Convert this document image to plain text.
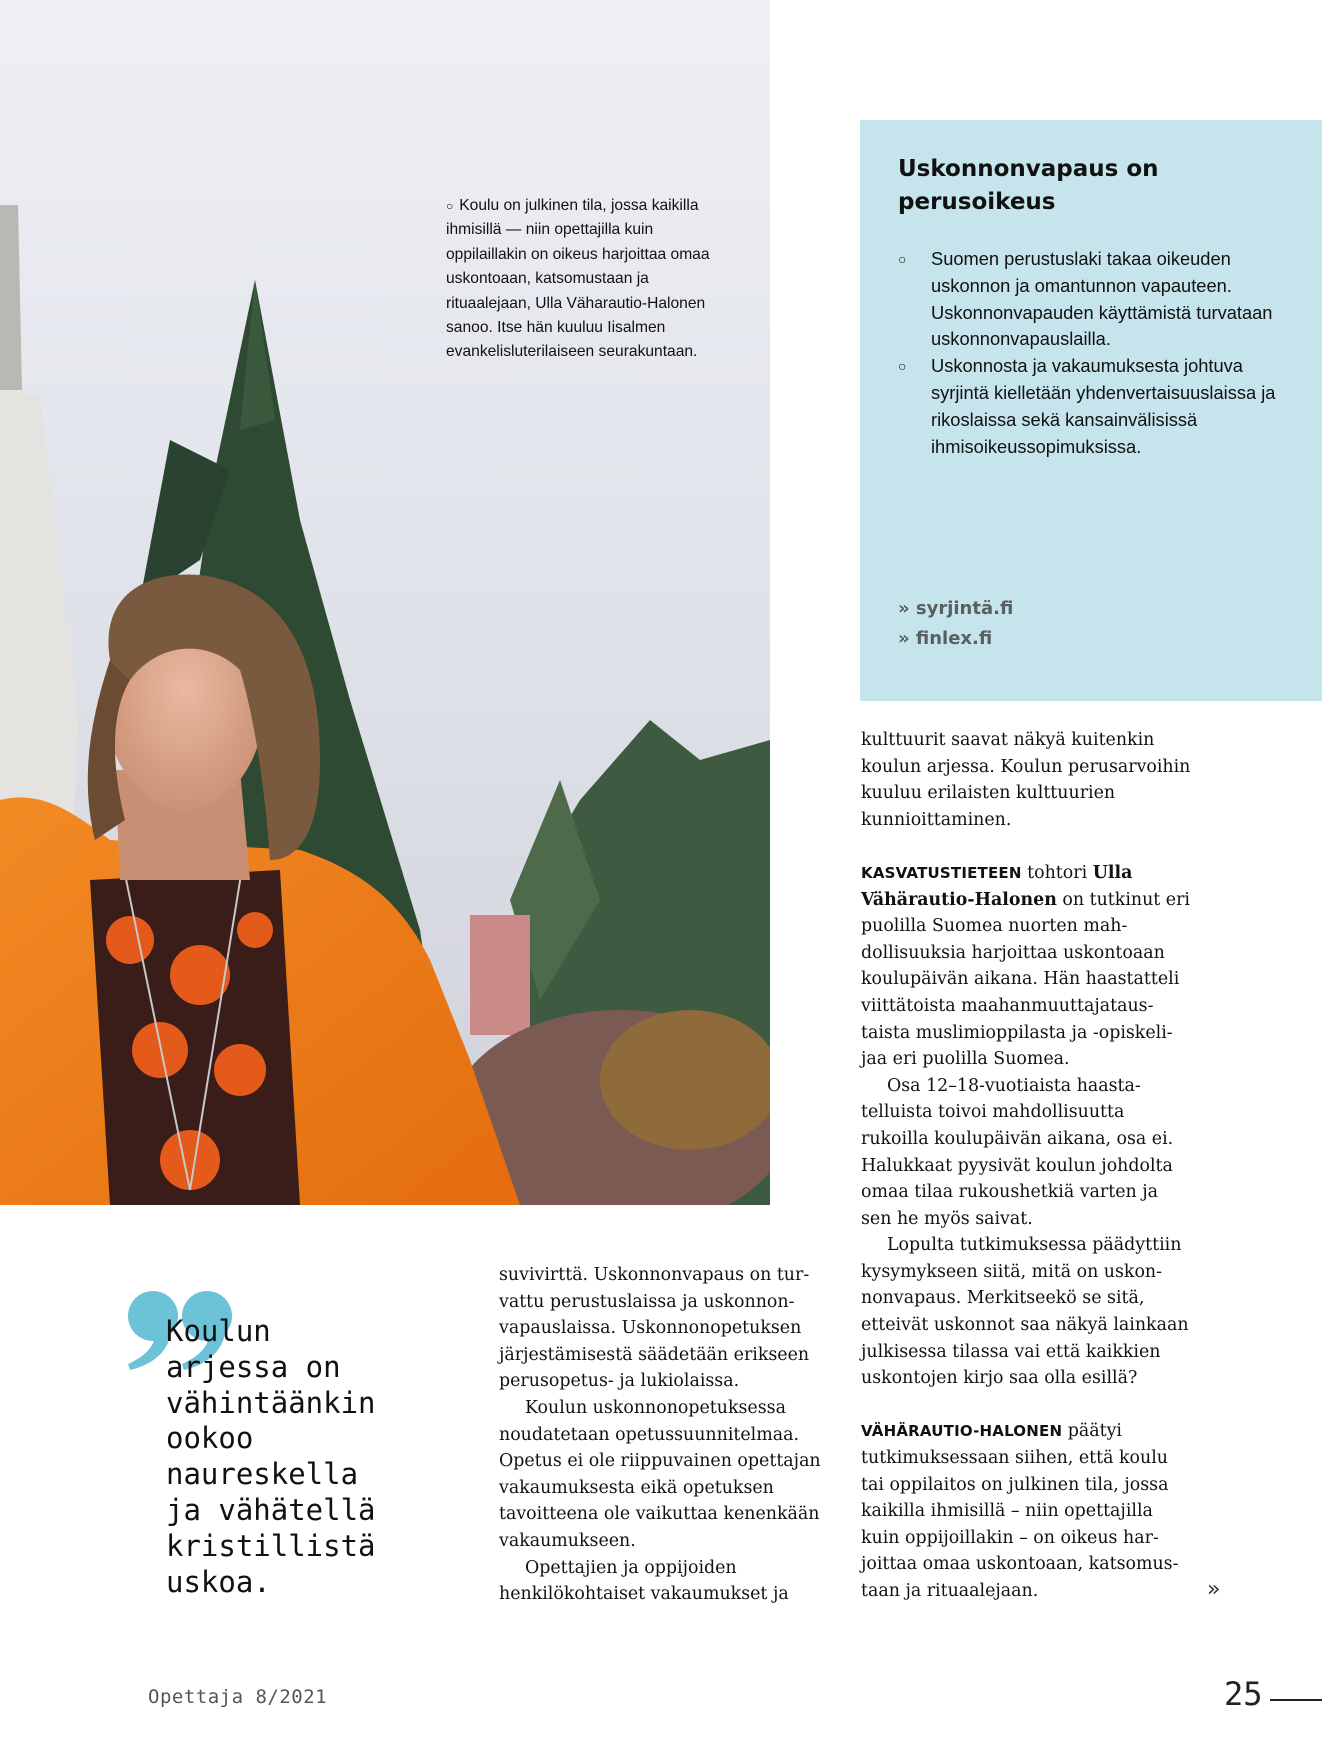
○ Koulu on julkinen tila, jossa kaikilla ihmisillä — niin opettajilla kuin oppilaillakin on oikeus harjoittaa omaa uskontoaan, katsomustaan ja rituaalejaan, Ulla Väharautio-Halonen sanoo. Itse hän kuuluu Iisalmen evankelisluterilaiseen seurakuntaan.
Uskonnonvapaus on perusoikeus
○ Suomen perustuslaki takaa oikeuden uskonnon ja omantunnon vapauteen. Uskonnonvapauden käyttämistä turvataan uskonnonvapauslailla.
○ Uskonnosta ja vakaumuksesta johtuva syrjintä kielletään yhdenvertaisuuslaissa ja rikoslaissa sekä kansainvälisissä ihmisoikeussopimuksissa.
» syrjintä.fi
» finlex.fi

Koulun
arjessa on
vähintäänkin
ookoo
naureskella
ja vähätellä
kristillistä
uskoa.

suvivirttä. Uskonnonvapaus on turvattu perustuslaissa ja uskonnonvapauslaissa. Uskonnonopetuksen järjestämisestä säädetään erikseen perusopetus- ja lukiolaissa.

Koulun uskonnonopetuksessa noudatetaan opetussuunnitelmaa. Opetus ei ole riippuvainen opettajan vakaumuksesta eikä opetuksen tavoitteena ole vaikuttaa kenenkään vakaumukseen.

Opettajien ja oppijoiden henkilökohtaiset vakaumukset ja

kulttuurit saavat näkyä kuitenkin koulun arjessa. Koulun perusarvoihin kuuluu erilaisten kulttuurien kunnioittaminen.

KASVATUSTIETEEN tohtori Ulla Vähärautio-Halonen on tutkinut eri puolilla Suomea nuorten mahdollisuuksia harjoittaa uskontoaan koulupäivän aikana. Hän haastatteli viittätoista maahanmuuttajataustaista muslimioppilasta ja -opiskelijaa eri puolilla Suomea.

Osa 12–18-vuotiaista haastatelluista toivoi mahdollisuutta rukoilla koulupäivän aikana, osa ei. Halukkaat pyysivät koulun johdolta omaa tilaa rukoushetkiä varten ja sen he myös saivat.

Lopulta tutkimuksessa päädyttiin kysymykseen siitä, mitä on uskonnonvapaus. Merkitseekö se sitä, etteivät uskonnot saa näkyä lainkaan julkisessa tilassa vai että kaikkien uskontojen kirjo saa olla esillä?

VÄHÄRAUTIO-HALONEN päätyi tutkimuksessaan siihen, että koulu tai oppilaitos on julkinen tila, jossa kaikilla ihmisillä – niin opettajilla kuin oppijoillakin – on oikeus harjoittaa omaa uskontoaan, katsomustaan ja rituaalejaan.	»
Opettaja 8/2021	25
